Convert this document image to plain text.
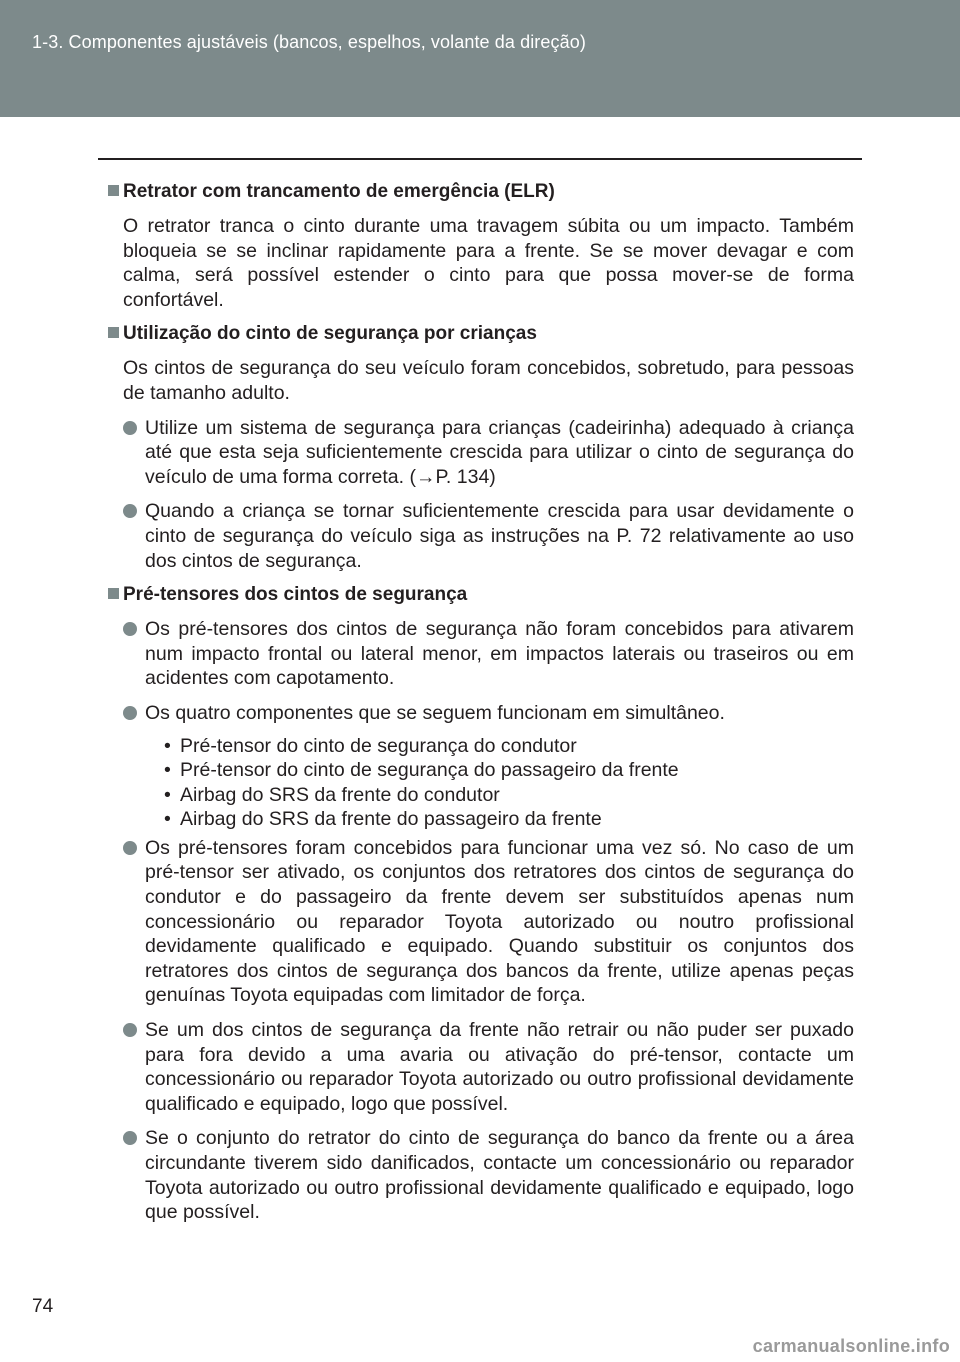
1-3. Componentes ajustáveis (bancos, espelhos, volante da direção)
Retrator com trancamento de emergência (ELR)

O retrator tranca o cinto durante uma travagem súbita ou um impacto. Também bloqueia se se inclinar rapidamente para a frente. Se se mover devagar e com calma, será possível estender o cinto para que possa mover-se de forma confortável.

Utilização do cinto de segurança por crianças

Os cintos de segurança do seu veículo foram concebidos, sobretudo, para pessoas de tamanho adulto.

Utilize um sistema de segurança para crianças (cadeirinha) adequado à criança até que esta seja suficientemente crescida para utilizar o cinto de segurança do veículo de uma forma correta. (→P. 134)
Quando a criança se tornar suficientemente crescida para usar devidamente o cinto de segurança do veículo siga as instruções na P. 72 relativamente ao uso dos cintos de segurança.
Pré-tensores dos cintos de segurança
Os pré-tensores dos cintos de segurança não foram concebidos para ativarem num impacto frontal ou lateral menor, em impactos laterais ou traseiros ou em acidentes com capotamento.
Os quatro componentes que se seguem funcionam em simultâneo.
• Pré-tensor do cinto de segurança do condutor
• Pré-tensor do cinto de segurança do passageiro da frente
• Airbag do SRS da frente do condutor
• Airbag do SRS da frente do passageiro da frente
Os pré-tensores foram concebidos para funcionar uma vez só. No caso de um pré-tensor ser ativado, os conjuntos dos retratores dos cintos de segurança do condutor e do passageiro da frente devem ser substituídos apenas num concessionário ou reparador Toyota autorizado ou noutro profissional devidamente qualificado e equipado. Quando substituir os conjuntos dos retratores dos cintos de segurança dos bancos da frente, utilize apenas peças genuínas Toyota equipadas com limitador de força.
Se um dos cintos de segurança da frente não retrair ou não puder ser puxado para fora devido a uma avaria ou ativação do pré-tensor, contacte um concessionário ou reparador Toyota autorizado ou outro profissional devidamente qualificado e equipado, logo que possível.
Se o conjunto do retrator do cinto de segurança do banco da frente ou a área circundante tiverem sido danificados, contacte um concessionário ou reparador Toyota autorizado ou outro profissional devidamente qualificado e equipado, logo que possível.
74
carmanualsonline.info
